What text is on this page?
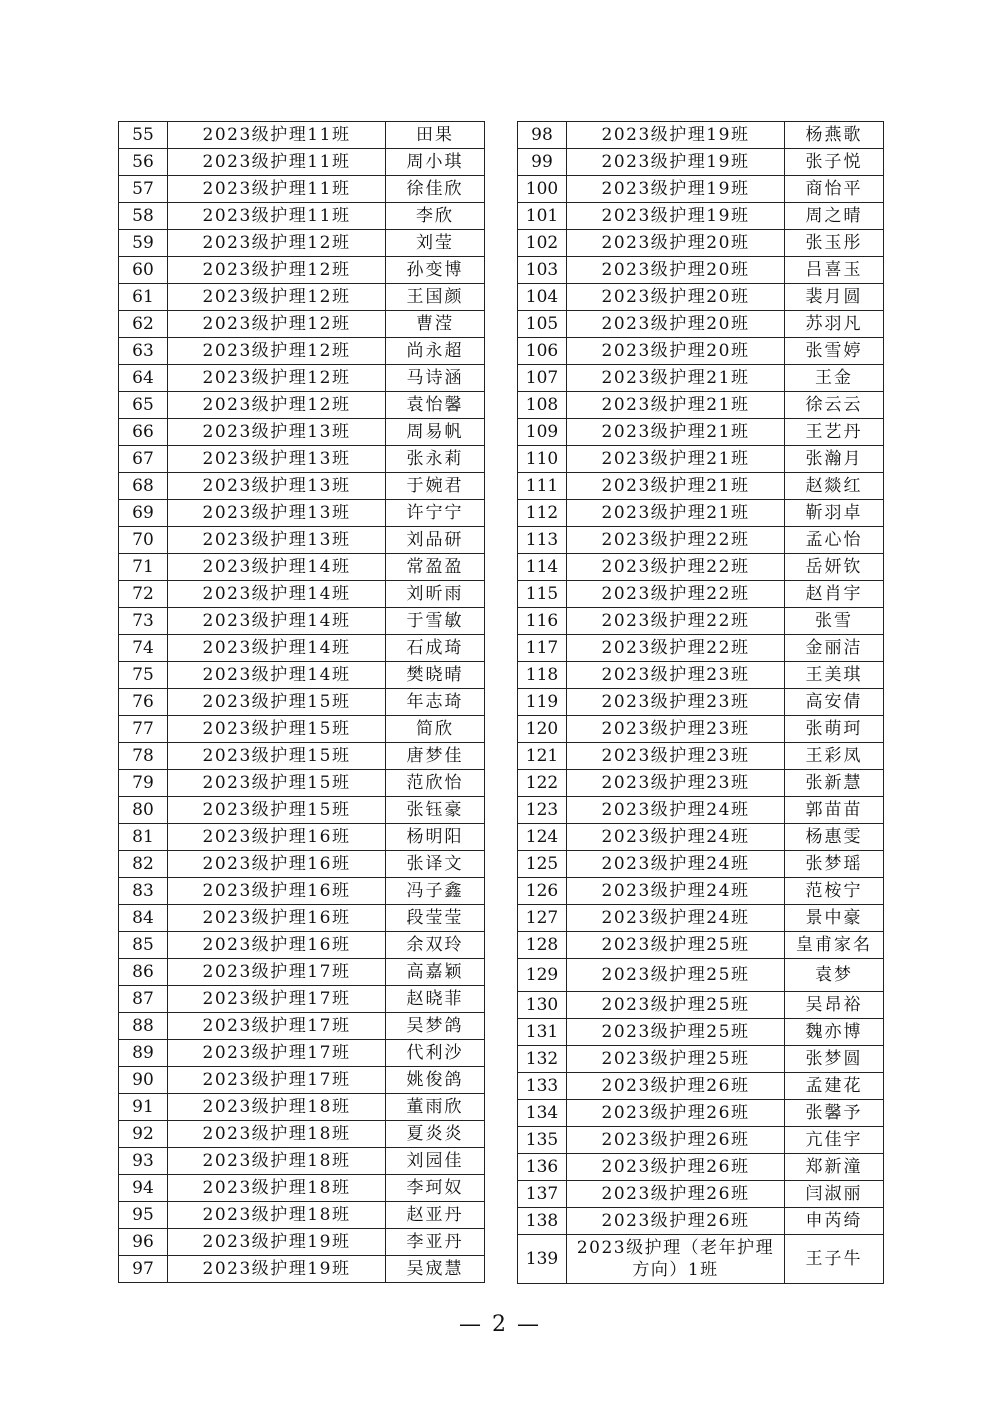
55	2023级护理11班	田果
56	2023级护理11班	周小琪
57	2023级护理11班	徐佳欣
58	2023级护理11班	李欣
59	2023级护理12班	刘莹
60	2023级护理12班	孙变博
61	2023级护理12班	王国颜
62	2023级护理12班	曹滢
63	2023级护理12班	尚永超
64	2023级护理12班	马诗涵
65	2023级护理12班	袁怡馨
66	2023级护理13班	周易帆
67	2023级护理13班	张永莉
68	2023级护理13班	于婉君
69	2023级护理13班	许宁宁
70	2023级护理13班	刘品研
71	2023级护理14班	常盈盈
72	2023级护理14班	刘昕雨
73	2023级护理14班	于雪敏
74	2023级护理14班	石成琦
75	2023级护理14班	樊晓晴
76	2023级护理15班	年志琦
77	2023级护理15班	简欣
78	2023级护理15班	唐梦佳
79	2023级护理15班	范欣怡
80	2023级护理15班	张钰豪
81	2023级护理16班	杨明阳
82	2023级护理16班	张译文
83	2023级护理16班	冯子鑫
84	2023级护理16班	段莹莹
85	2023级护理16班	余双玲
86	2023级护理17班	高嘉颖
87	2023级护理17班	赵晓菲
88	2023级护理17班	吴梦鸽
89	2023级护理17班	代利沙
90	2023级护理17班	姚俊鸽
91	2023级护理18班	董雨欣
92	2023级护理18班	夏炎炎
93	2023级护理18班	刘园佳
94	2023级护理18班	李珂奴
95	2023级护理18班	赵亚丹
96	2023级护理19班	李亚丹
97	2023级护理19班	吴宬慧
98	2023级护理19班	杨燕歌
99	2023级护理19班	张子悦
100	2023级护理19班	商怡平
101	2023级护理19班	周之晴
102	2023级护理20班	张玉彤
103	2023级护理20班	吕喜玉
104	2023级护理20班	裴月圆
105	2023级护理20班	苏羽凡
106	2023级护理20班	张雪婷
107	2023级护理21班	王金
108	2023级护理21班	徐云云
109	2023级护理21班	王艺丹
110	2023级护理21班	张瀚月
111	2023级护理21班	赵燚红
112	2023级护理21班	靳羽卓
113	2023级护理22班	孟心怡
114	2023级护理22班	岳妍钦
115	2023级护理22班	赵肖宇
116	2023级护理22班	张雪
117	2023级护理22班	金丽洁
118	2023级护理23班	王美琪
119	2023级护理23班	高安倩
120	2023级护理23班	张萌珂
121	2023级护理23班	王彩凤
122	2023级护理23班	张新慧
123	2023级护理24班	郭苗苗
124	2023级护理24班	杨惠雯
125	2023级护理24班	张梦瑶
126	2023级护理24班	范桉宁
127	2023级护理24班	景中豪
128	2023级护理25班	皇甫家名
129	2023级护理25班	袁梦
130	2023级护理25班	吴昂裕
131	2023级护理25班	魏亦博
132	2023级护理25班	张梦圆
133	2023级护理26班	孟建花
134	2023级护理26班	张馨予
135	2023级护理26班	亢佳宇
136	2023级护理26班	郑新潼
137	2023级护理26班	闫淑丽
138	2023级护理26班	申芮绮
139	2023级护理（老年护理方向）1班	王子牛
— 2 —
